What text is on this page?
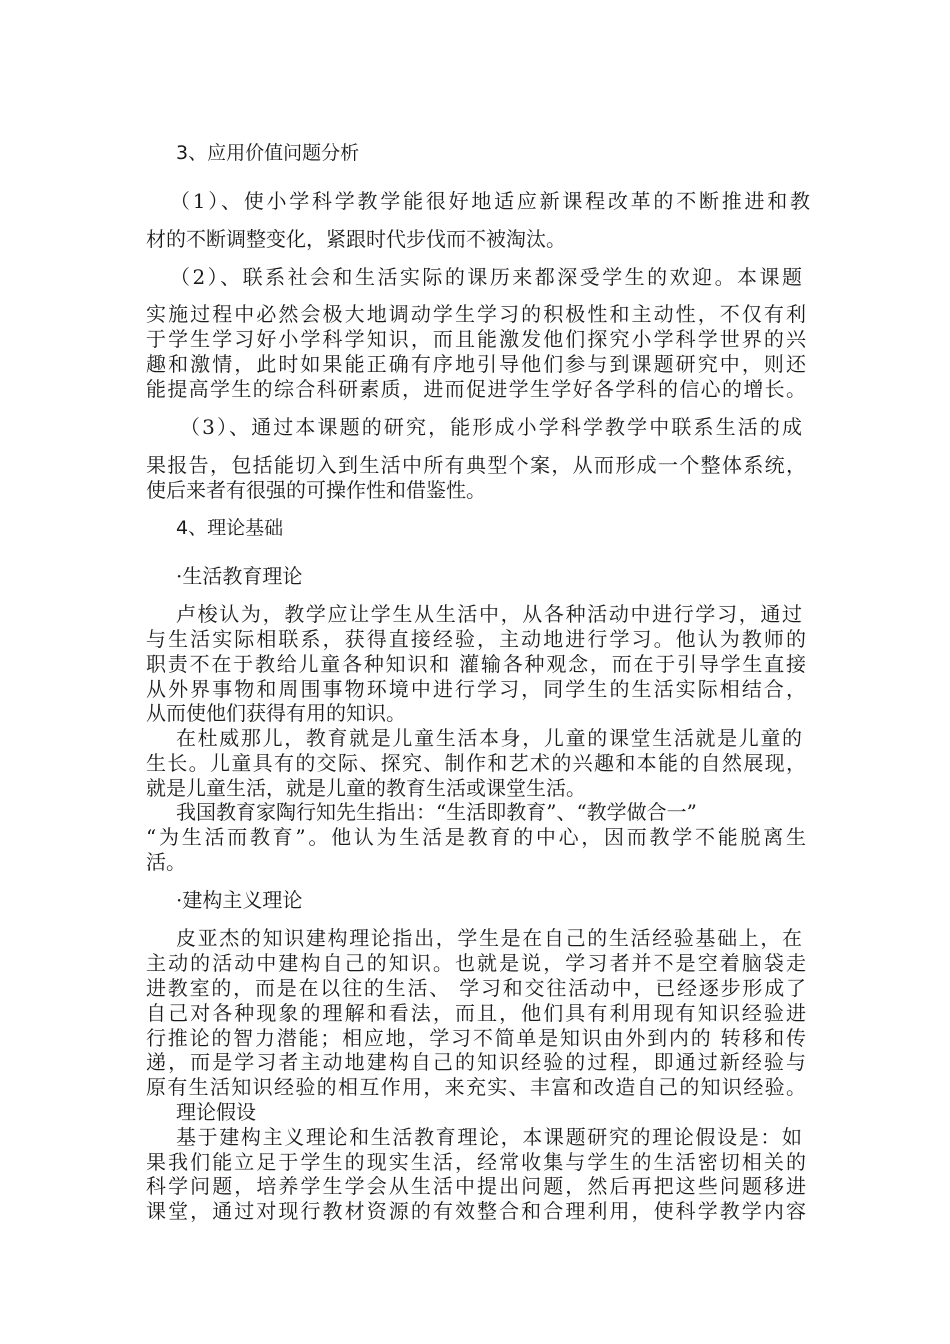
3、应用价值问题分析
（1）、使小学科学教学能很好地适应新课程改革的不断推进和教
材的不断调整变化，紧跟时代步伐而不被淘汰。
（2）、联系社会和生活实际的课历来都深受学生的欢迎。本课题
实施过程中必然会极大地调动学生学习的积极性和主动性，不仅有利
于学生学习好小学科学知识，而且能激发他们探究小学科学世界的兴
趣和激情，此时如果能正确有序地引导他们参与到课题研究中，则还
能提高学生的综合科研素质，进而促进学生学好各学科的信心的增长。
（3）、通过本课题的研究，能形成小学科学教学中联系生活的成
果报告，包括能切入到生活中所有典型个案，从而形成一个整体系统，
使后来者有很强的可操作性和借鉴性。
4、理论基础
·生活教育理论
卢梭认为，教学应让学生从生活中，从各种活动中进行学习，通过
与生活实际相联系，获得直接经验，主动地进行学习。他认为教师的
职责不在于教给儿童各种知识和 灌输各种观念，而在于引导学生直接
从外界事物和周围事物环境中进行学习，同学生的生活实际相结合，
从而使他们获得有用的知识。
在杜威那儿，教育就是儿童生活本身，儿童的课堂生活就是儿童的
生长。儿童具有的交际、探究、制作和艺术的兴趣和本能的自然展现，
就是儿童生活，就是儿童的教育生活或课堂生活。
我国教育家陶行知先生指出：“生活即教育”、“教学做合一”
“为生活而教育”。他认为生活是教育的中心，因而教学不能脱离生
活。
·建构主义理论
皮亚杰的知识建构理论指出，学生是在自己的生活经验基础上，在
主动的活动中建构自己的知识。也就是说，学习者并不是空着脑袋走
进教室的，而是在以往的生活、 学习和交往活动中，已经逐步形成了
自己对各种现象的理解和看法，而且，他们具有利用现有知识经验进
行推论的智力潜能；相应地，学习不简单是知识由外到内的 转移和传
递，而是学习者主动地建构自己的知识经验的过程，即通过新经验与
原有生活知识经验的相互作用，来充实、丰富和改造自己的知识经验。
理论假设
基于建构主义理论和生活教育理论，本课题研究的理论假设是：如
果我们能立足于学生的现实生活，经常收集与学生的生活密切相关的
科学问题，培养学生学会从生活中提出问题，然后再把这些问题移进
课堂，通过对现行教材资源的有效整合和合理利用，使科学教学内容
